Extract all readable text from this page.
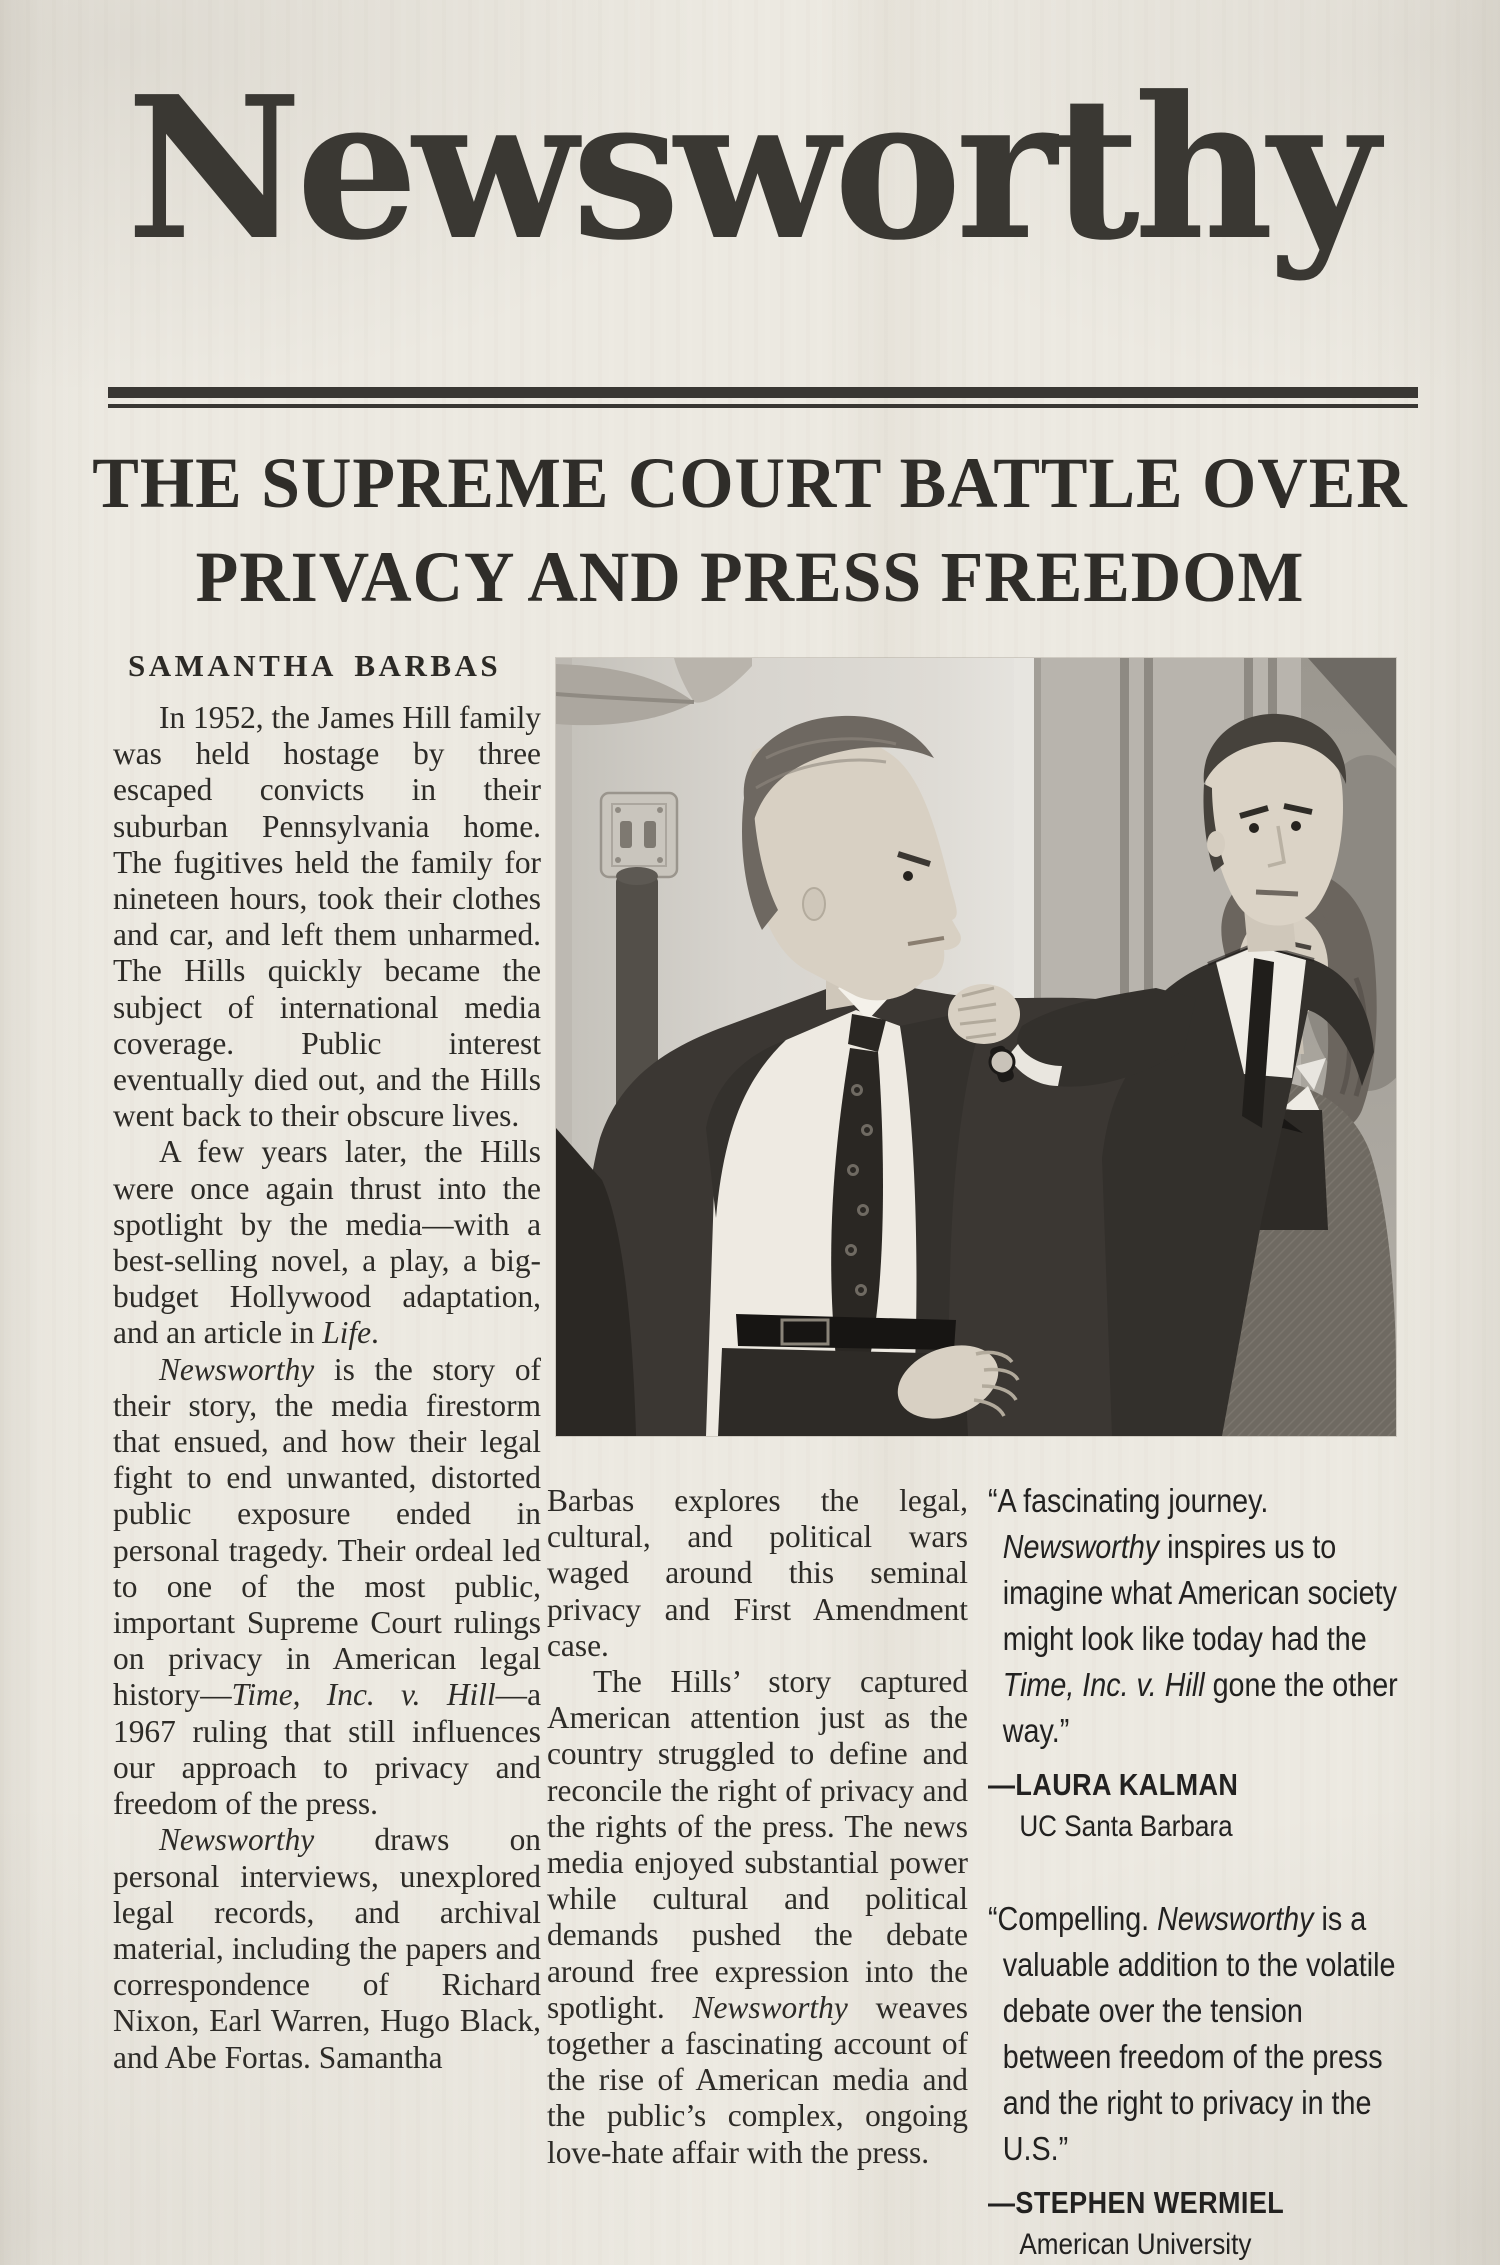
Newsworthy
THE SUPREME COURT BATTLE OVER
PRIVACY AND PRESS FREEDOM
SAMANTHA BARBAS

In 1952, the James Hill family was held hostage by three escaped convicts in their suburban Pennsylvania home. The fugitives held the family for nineteen hours, took their clothes and car, and left them unharmed. The Hills quickly became the subject of international media coverage. Public interest eventually died out, and the Hills went back to their obscure lives.

A few years later, the Hills were once again thrust into the spotlight by the media—with a best-selling novel, a play, a big-budget Hollywood adaptation, and an article in Life.

Newsworthy is the story of their story, the media firestorm that ensued, and how their legal fight to end unwanted, distorted public exposure ended in personal tragedy. Their ordeal led to one of the most public, important Supreme Court rulings on privacy in American legal history—Time, Inc. v. Hill—a 1967 ruling that still influences our approach to privacy and freedom of the press.

Newsworthy draws on personal interviews, unexplored legal records, and archival material, including the papers and correspondence of Richard Nixon, Earl Warren, Hugo Black, and Abe Fortas. Samantha

Barbas explores the legal, cultural, and political wars waged around this seminal privacy and First Amendment case.

The Hills’ story captured American attention just as the country struggled to define and reconcile the right of privacy and the rights of the press. The news media enjoyed substantial power while cultural and political demands pushed the debate around free expression into the spotlight. Newsworthy weaves together a fascinating account of the rise of American media and the public’s complex, ongoing love-hate affair with the press.

“A fascinating journey. Newsworthy inspires us to imagine what American society might look like today had the Time, Inc. v. Hill gone the other way.”
—LAURA KALMAN
UC Santa Barbara
“Compelling. Newsworthy is a valuable addition to the volatile debate over the tension between freedom of the press and the right to privacy in the U.S.”
—STEPHEN WERMIEL
American University
